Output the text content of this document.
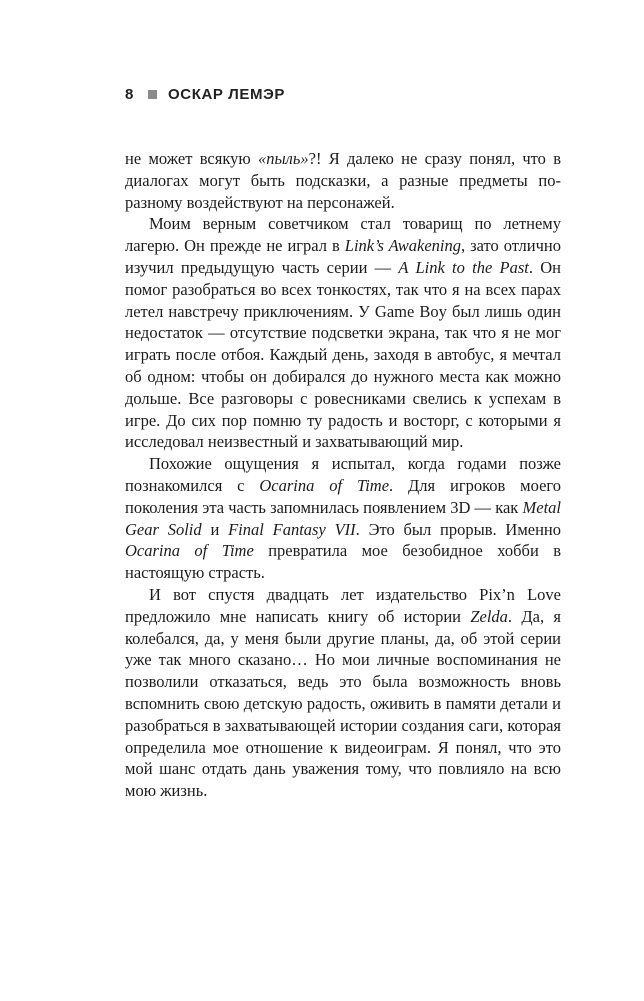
8	ОСКАР ЛЕМЭР

не может всякую «пыль»?! Я далеко не сразу понял, что в диалогах могут быть подсказки, а разные предметы по-разному воздействуют на персонажей.

Моим верным советчиком стал товарищ по летнему лагерю. Он прежде не играл в Link’s Awakening, зато отлично изучил предыдущую часть серии — A Link to the Past. Он помог разобраться во всех тонкостях, так что я на всех парах летел навстречу приключениям. У Game Boy был лишь один недостаток — отсутствие подсветки экрана, так что я не мог играть после отбоя. Каждый день, заходя в автобус, я мечтал об одном: чтобы он добирался до нужного места как можно дольше. Все разговоры с ровесниками свелись к успехам в игре. До сих пор помню ту радость и восторг, с которыми я исследовал неизвестный и захватывающий мир.

Похожие ощущения я испытал, когда годами позже познакомился с Ocarina of Time. Для игроков моего поколения эта часть запомнилась появлением 3D — как Metal Gear Solid и Final Fantasy VII. Это был прорыв. Именно Ocarina of Time превратила мое безобидное хобби в настоящую страсть.

И вот спустя двадцать лет издательство Pix’n Love предложило мне написать книгу об истории Zelda. Да, я колебался, да, у меня были другие планы, да, об этой серии уже так много сказано… Но мои личные воспоминания не позволили отказаться, ведь это была возможность вновь вспомнить свою детскую радость, оживить в памяти детали и разобраться в захватывающей истории создания саги, которая определила мое отношение к видеоиграм. Я понял, что это мой шанс отдать дань уважения тому, что повлияло на всю мою жизнь.
